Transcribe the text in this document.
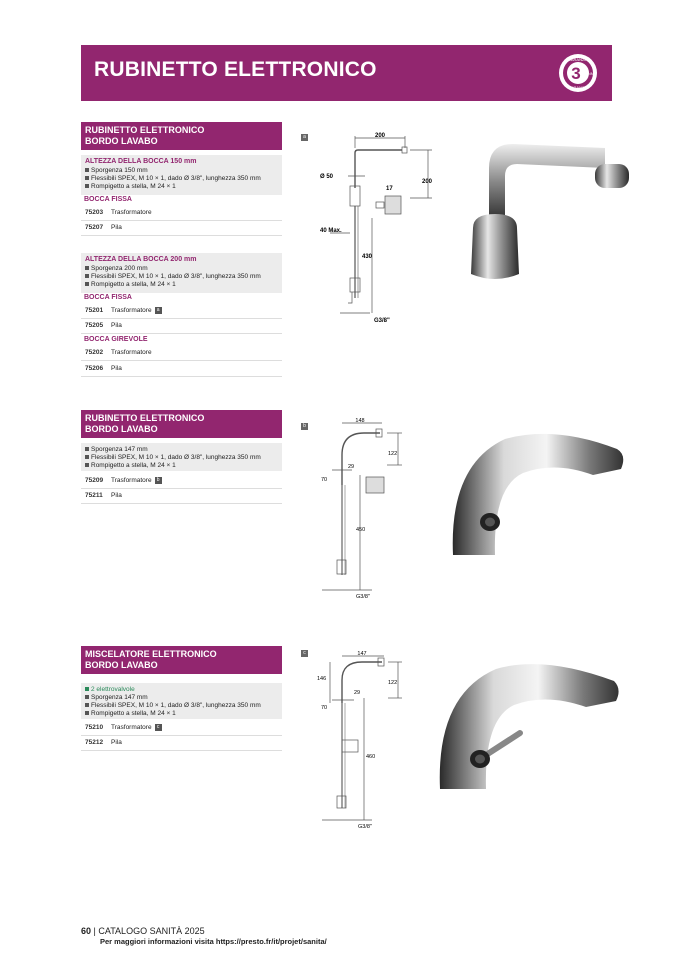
RUBINETTO ELETTRONICO	3 ANNI
GARANZIA
GARANZIA
RUBINETTO ELETTRONICO
BORDO LAVABO
ALTEZZA DELLA BOCCA 150 mm
Sporgenza 150 mm
Flessibili SPEX, M 10 × 1, dado Ø 3/8", lunghezza 350 mm
Rompigetto a stella, M 24 × 1
BOCCA FISSA
75203 Trasformatore
75207 Pila
ALTEZZA DELLA BOCCA 200 mm
Sporgenza 200 mm
Flessibili SPEX, M 10 × 1, dado Ø 3/8", lunghezza 350 mm
Rompigetto a stella, M 24 × 1
BOCCA FISSA
75201 Trasformatore a
75205 Pila
BOCCA GIREVOLE
75202 Trasformatore
75206 Pila
a	200
Ø 50
200
17
40 Max.
430
G3/8"
RUBINETTO ELETTRONICO
BORDO LAVABO
Sporgenza 147 mm
Flessibili SPEX, M 10 × 1, dado Ø 3/8", lunghezza 350 mm
Rompigetto a stella, M 24 × 1
75209 Trasformatore b
75211 Pila
b
148
122
29
70
450
G3/8"
MISCELATORE ELETTRONICO
BORDO LAVABO
2 elettrovalvole
Sporgenza 147 mm
Flessibili SPEX, M 10 × 1, dado Ø 3/8", lunghezza 350 mm
Rompigetto a stella, M 24 × 1
75210 Trasformatore c
75212 Pila
c	147
146
122
29
70
460
G3/8"
60 | CATALOGO SANITÀ 2025
Per maggiori informazioni visita https://presto.fr/it/projet/sanita/
